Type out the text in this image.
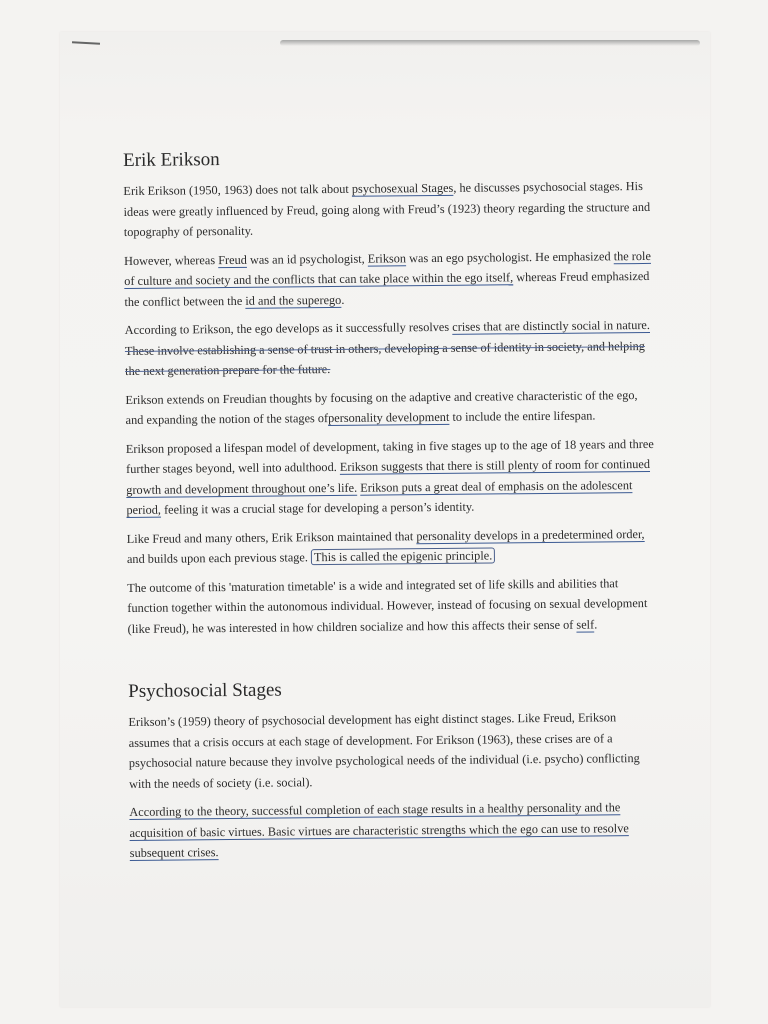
Erik Erikson

Erik Erikson (1950, 1963) does not talk about psychosexual Stages, he discusses psychosocial stages. His ideas were greatly influenced by Freud, going along with Freud’s (1923) theory regarding the structure and topography of personality.

However, whereas Freud was an id psychologist, Erikson was an ego psychologist. He emphasized the role of culture and society and the conflicts that can take place within the ego itself, whereas Freud emphasized the conflict between the id and the superego.

According to Erikson, the ego develops as it successfully resolves crises that are distinctly social in nature. These involve establishing a sense of trust in others, developing a sense of identity in society, and helping the next generation prepare for the future.

Erikson extends on Freudian thoughts by focusing on the adaptive and creative characteristic of the ego, and expanding the notion of the stages ofpersonality development to include the entire lifespan.

Erikson proposed a lifespan model of development, taking in five stages up to the age of 18 years and three further stages beyond, well into adulthood. Erikson suggests that there is still plenty of room for continued growth and development throughout one’s life. Erikson puts a great deal of emphasis on the adolescent period, feeling it was a crucial stage for developing a person’s identity.

Like Freud and many others, Erik Erikson maintained that personality develops in a predetermined order, and builds upon each previous stage. This is called the epigenic principle.

The outcome of this 'maturation timetable' is a wide and integrated set of life skills and abilities that function together within the autonomous individual. However, instead of focusing on sexual development (like Freud), he was interested in how children socialize and how this affects their sense of self.

Psychosocial Stages

Erikson’s (1959) theory of psychosocial development has eight distinct stages. Like Freud, Erikson assumes that a crisis occurs at each stage of development. For Erikson (1963), these crises are of a psychosocial nature because they involve psychological needs of the individual (i.e. psycho) conflicting with the needs of society (i.e. social).

According to the theory, successful completion of each stage results in a healthy personality and the acquisition of basic virtues. Basic virtues are characteristic strengths which the ego can use to resolve subsequent crises.
